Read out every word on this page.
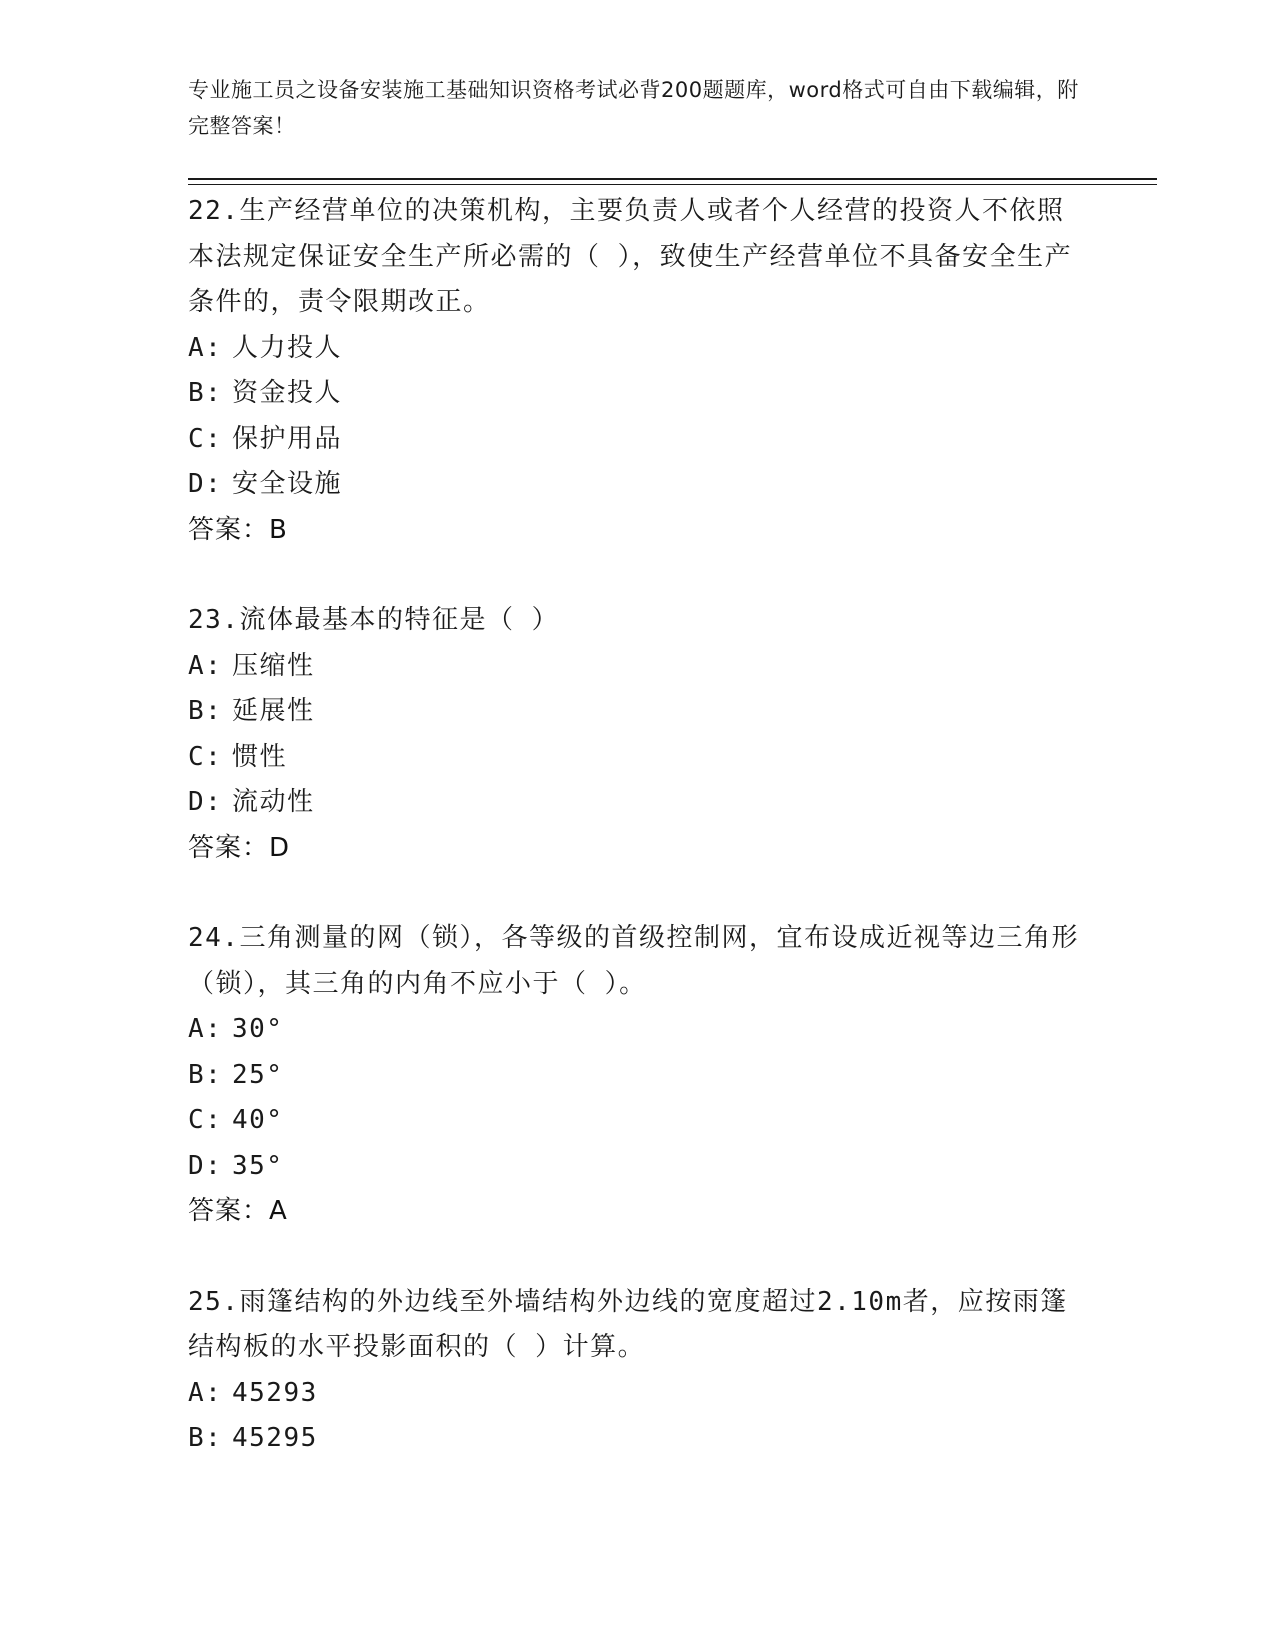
专业施工员之设备安装施工基础知识资格考试必背200题题库，word格式可自由下载编辑，附完整答案！
22.生产经营单位的决策机构，主要负责人或者个人经营的投资人不依照本法规定保证安全生产所必需的（ ），致使生产经营单位不具备安全生产条件的，责令限期改正。
A: 人力投人
B: 资金投人
C: 保护用品
D: 安全设施
答案：B
23.流体最基本的特征是（ ）
A: 压缩性
B: 延展性
C: 惯性
D: 流动性
答案：D
24.三角测量的网（锁），各等级的首级控制网，宜布设成近视等边三角形（锁），其三角的内角不应小于（ ）。
A: 30°
B: 25°
C: 40°
D: 35°
答案：A
25.雨篷结构的外边线至外墙结构外边线的宽度超过2.10m者，应按雨篷结构板的水平投影面积的（ ）计算。
A: 45293
B: 45295
